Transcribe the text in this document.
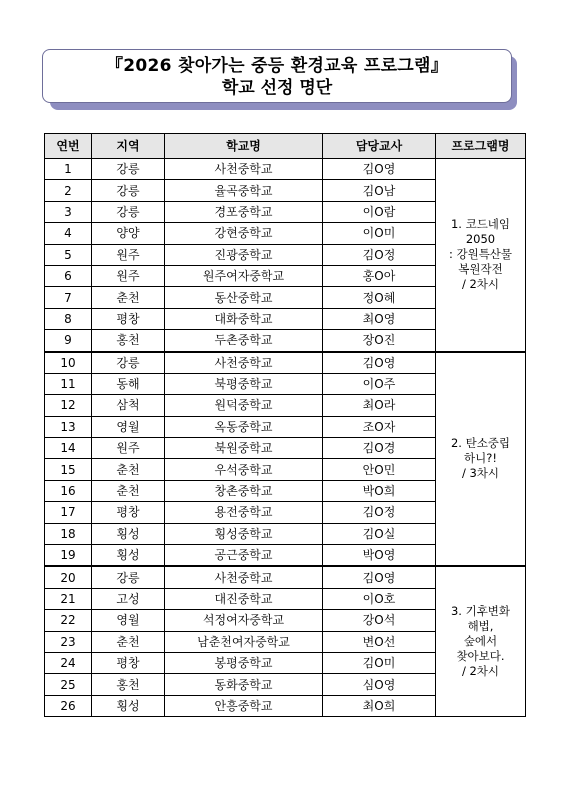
『2026 찾아가는 중등 환경교육 프로그램』
학교 선정 명단
연번	지역	학교명	담당교사	프로그램명
1	강릉	사천중학교	김O영	1. 코드네임
2050
: 강원특산물
복원작전
/ 2차시

2	강릉	율곡중학교	김O남	
3	강릉	경포중학교	이O람	
4	양양	강현중학교	이O미	
5	원주	진광중학교	김O정	
6	원주	원주여자중학교	홍O아	
7	춘천	동산중학교	정O혜	
8	평창	대화중학교	최O영	
9	홍천	두촌중학교	장O진	
10	강릉	사천중학교	김O영	2. 탄소중립
하니?!
/ 3차시

11	동해	북평중학교	이O주	
12	삼척	원덕중학교	최O라	
13	영월	옥동중학교	조O자	
14	원주	북원중학교	김O경	
15	춘천	우석중학교	안O민	
16	춘천	창촌중학교	박O희	
17	평창	용전중학교	김O정	
18	횡성	횡성중학교	김O실	
19	횡성	공근중학교	박O영	
20	강릉	사천중학교	김O영	3. 기후변화
해법,
숲에서
찾아보다.
/ 2차시

21	고성	대진중학교	이O호	
22	영월	석정여자중학교	강O석	
23	춘천	남춘천여자중학교	변O선	
24	평창	봉평중학교	김O미	
25	홍천	동화중학교	심O영	
26	횡성	안흥중학교	최O희	
